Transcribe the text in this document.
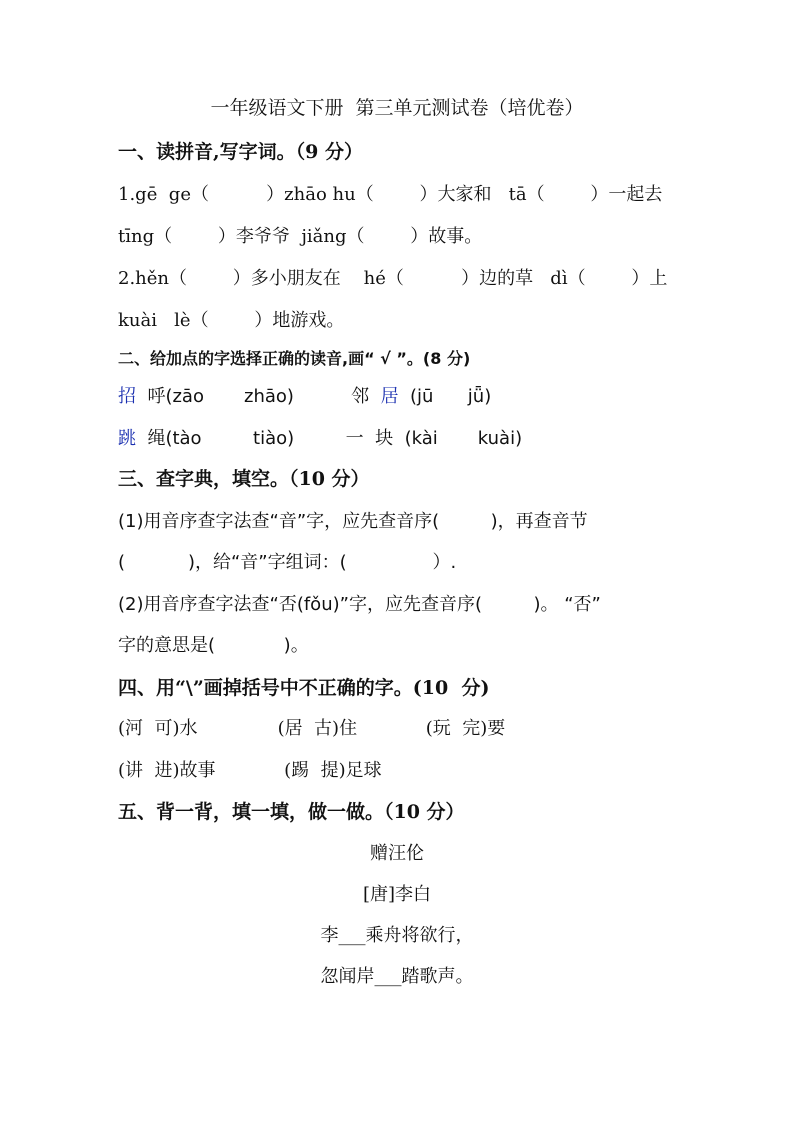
一年级语文下册  第三单元测试卷（培优卷）
一、读拼音,写字词。（9 分）
1.gē  ge（          ）zhāo hu（        ）大家和   tā（        ）一起去
tīng（        ）李爷爷  jiǎng（        ）故事。
2.hěn（        ）多小朋友在    hé（          ）边的草   dì（        ）上
kuài   lè（        ）地游戏。
二、给加点的字选择正确的读音,画“ √ ”。(8 分)
招  呼(zāo       zhāo)          邻  居  (jū      jǖ)
跳  绳(tào         tiào)         一  块  (kài       kuài)
三、查字典，填空。（10 分）
(1)用音序查字法查“音”字，应先查音序(         )，再查音节
(           )，给“音”字组词：(               ）.
(2)用音序查字法查“否(fǒu)”字，应先查音序(         )。 “否”
字的意思是(            )。
四、用“\”画掉括号中不正确的字。(10  分)
(河  可)水              (居  古)住            (玩  完)要
(讲  进)故事            (踢  提)足球
五、背一背，填一填，做一做。（10 分）
赠汪伦
[唐]李白
李___乘舟将欲行，
忽闻岸___踏歌声。
